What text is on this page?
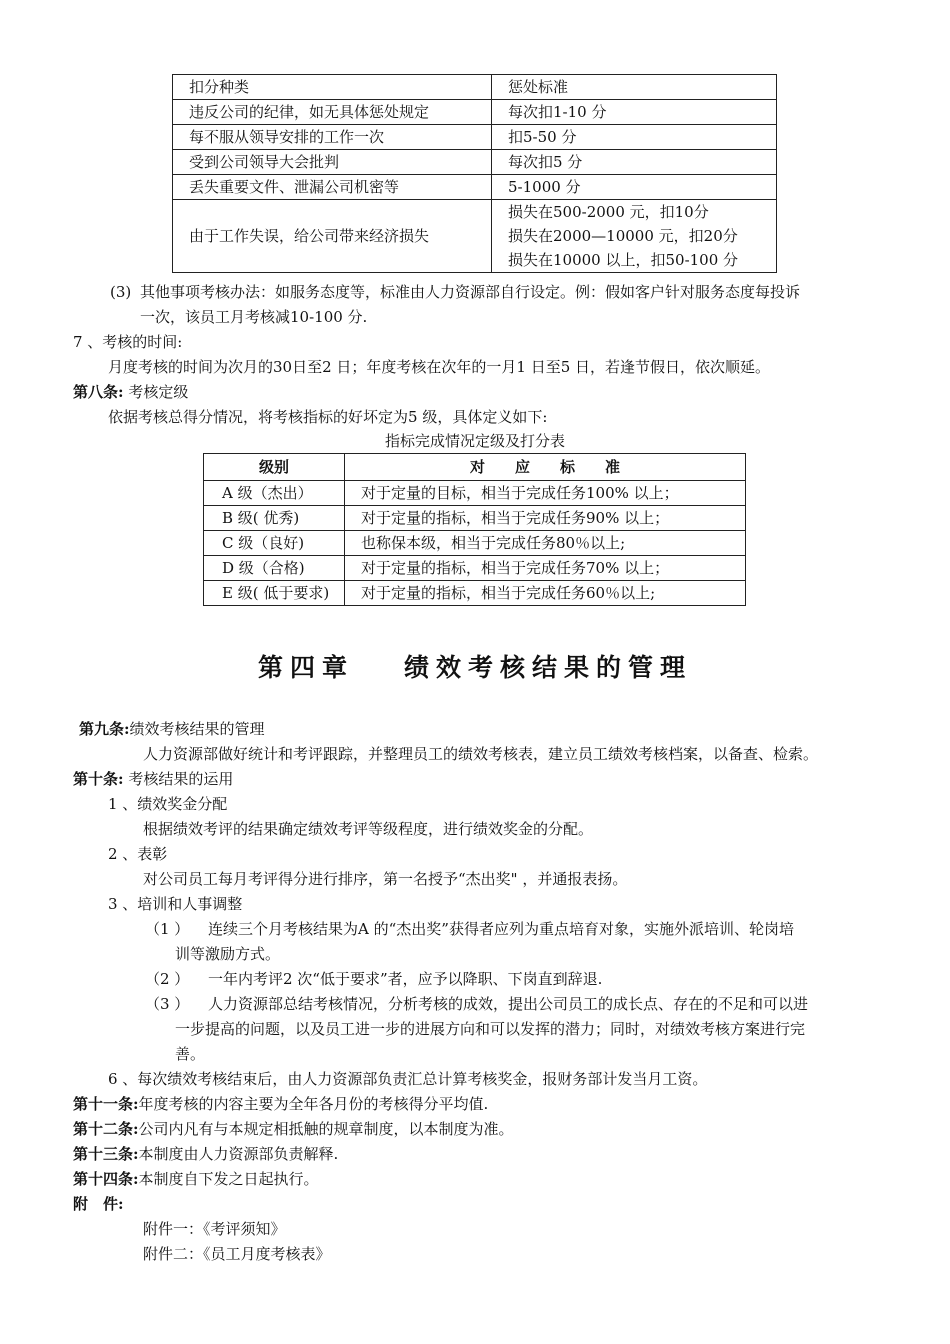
扣分种类	惩处标准
违反公司的纪律，如无具体惩处规定	每次扣1-10 分
每不服从领导安排的工作一次	扣5-50 分
受到公司领导大会批判	每次扣5 分
丢失重要文件、泄漏公司机密等	5-1000 分
由于工作失误，给公司带来经济损失	损失在500-2000 元，扣10分
损失在2000—10000 元，扣20分
损失在10000 以上，扣50-100 分
(3) 其他事项考核办法：如服务态度等，标准由人力资源部自行设定。例：假如客户针对服务态度每投诉
一次，该员工月考核减10-100 分.
7 、考核的时间:
月度考核的时间为次月的30日至2 日；年度考核在次年的一月1 日至5 日，若逢节假日，依次顺延。
第八条: 考核定级
依据考核总得分情况，将考核指标的好坏定为5 级，具体定义如下:
指标完成情况定级及打分表
级别	对　　应　　标　　准
A 级（杰出）	对于定量的目标，相当于完成任务100% 以上；
B 级( 优秀)	对于定量的指标，相当于完成任务90% 以上；
C 级（良好)	也称保本级，相当于完成任务80％以上;
D 级（合格)	对于定量的指标，相当于完成任务70% 以上；
E 级( 低于要求)	对于定量的指标，相当于完成任务60％以上;
第四章 绩效考核结果的管理
第九条:绩效考核结果的管理
人力资源部做好统计和考评跟踪，并整理员工的绩效考核表，建立员工绩效考核档案，以备查、检索。
第十条: 考核结果的运用
1 、绩效奖金分配
根据绩效考评的结果确定绩效考评等级程度，进行绩效奖金的分配。
2 、表彰
对公司员工每月考评得分进行排序，第一名授予“杰出奖" ，并通报表扬。
3 、培训和人事调整
（1 ） 连续三个月考核结果为A 的“杰出奖”获得者应列为重点培育对象，实施外派培训、轮岗培
训等激励方式。
（2 ） 一年内考评2 次“低于要求”者，应予以降职、下岗直到辞退.
（3 ） 人力资源部总结考核情况，分析考核的成效，提出公司员工的成长点、存在的不足和可以进
一步提高的问题，以及员工进一步的进展方向和可以发挥的潜力；同时，对绩效考核方案进行完
善。
6 、每次绩效考核结束后，由人力资源部负责汇总计算考核奖金，报财务部计发当月工资。
第十一条:年度考核的内容主要为全年各月份的考核得分平均值.
第十二条:公司内凡有与本规定相抵触的规章制度，以本制度为准。
第十三条:本制度由人力资源部负责解释.
第十四条:本制度自下发之日起执行。
附　件:
附件一：《考评须知》
附件二：《员工月度考核表》
